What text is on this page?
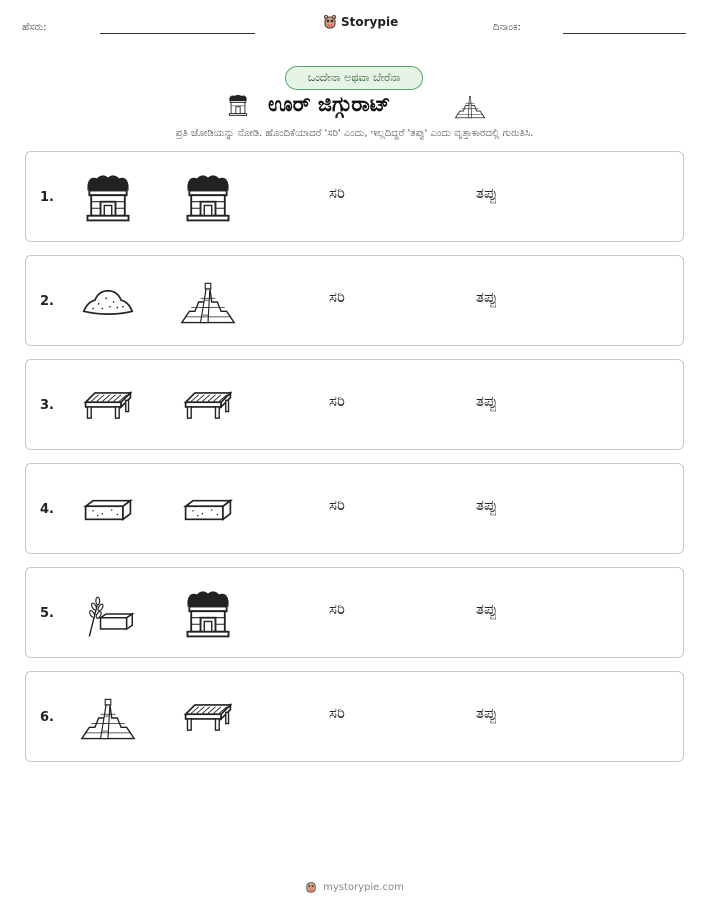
ಹೆಸರು:	Storypie	ದಿನಾಂಕ:
ಒಂದೇನಾ ಅಥವಾ ಬೇರೆನಾ
ಊರ್ ಜಿಗ್ಗುರಾಟ್
ಪ್ರತಿ ಜೋಡಿಯನ್ನು ನೋಡಿ. ಹೊಂದಿಕೆಯಾದರೆ 'ಸರಿ' ಎಂದು, ಇಲ್ಲದಿದ್ದರೆ 'ತಪ್ಪು' ಎಂದು ವೃತ್ತಾಕಾರದಲ್ಲಿ ಗುರುತಿಸಿ.
1.	ಸರಿ	ತಪ್ಪು
2.	ಸರಿ	ತಪ್ಪು
3.	ಸರಿ	ತಪ್ಪು
4.	ಸರಿ	ತಪ್ಪು
5.	ಸರಿ	ತಪ್ಪು
6.	ಸರಿ	ತಪ್ಪು
mystorypie.com
